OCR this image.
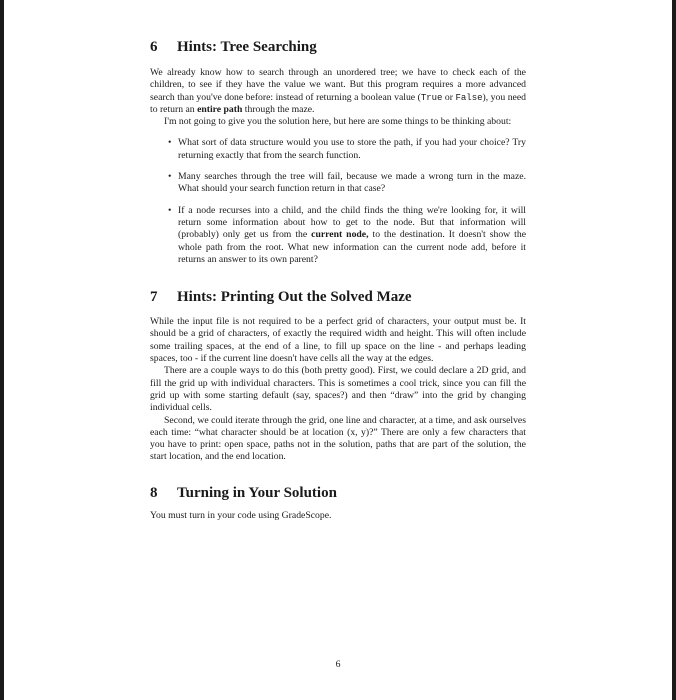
6 Hints: Tree Searching

We already know how to search through an unordered tree; we have to check each of the children, to see if they have the value we want. But this program requires a more advanced search than you've done before: instead of returning a boolean value (True or False), you need to return an entire path through the maze.

I'm not going to give you the solution here, but here are some things to be thinking about:

• What sort of data structure would you use to store the path, if you had your choice? Try returning exactly that from the search function.
• Many searches through the tree will fail, because we made a wrong turn in the maze. What should your search function return in that case?
• If a node recurses into a child, and the child finds the thing we're looking for, it will return some information about how to get to the node. But that information will (probably) only get us from the current node, to the destination. It doesn't show the whole path from the root. What new information can the current node add, before it returns an answer to its own parent?
7 Hints: Printing Out the Solved Maze

While the input file is not required to be a perfect grid of characters, your output must be. It should be a grid of characters, of exactly the required width and height. This will often include some trailing spaces, at the end of a line, to fill up space on the line - and perhaps leading spaces, too - if the current line doesn't have cells all the way at the edges.

There are a couple ways to do this (both pretty good). First, we could declare a 2D grid, and fill the grid up with individual characters. This is sometimes a cool trick, since you can fill the grid up with some starting default (say, spaces?) and then “draw” into the grid by changing individual cells.

Second, we could iterate through the grid, one line and character, at a time, and ask ourselves each time: “what character should be at location (x, y)?” There are only a few characters that you have to print: open space, paths not in the solution, paths that are part of the solution, the start location, and the end location.

8 Turning in Your Solution

You must turn in your code using GradeScope.

6
